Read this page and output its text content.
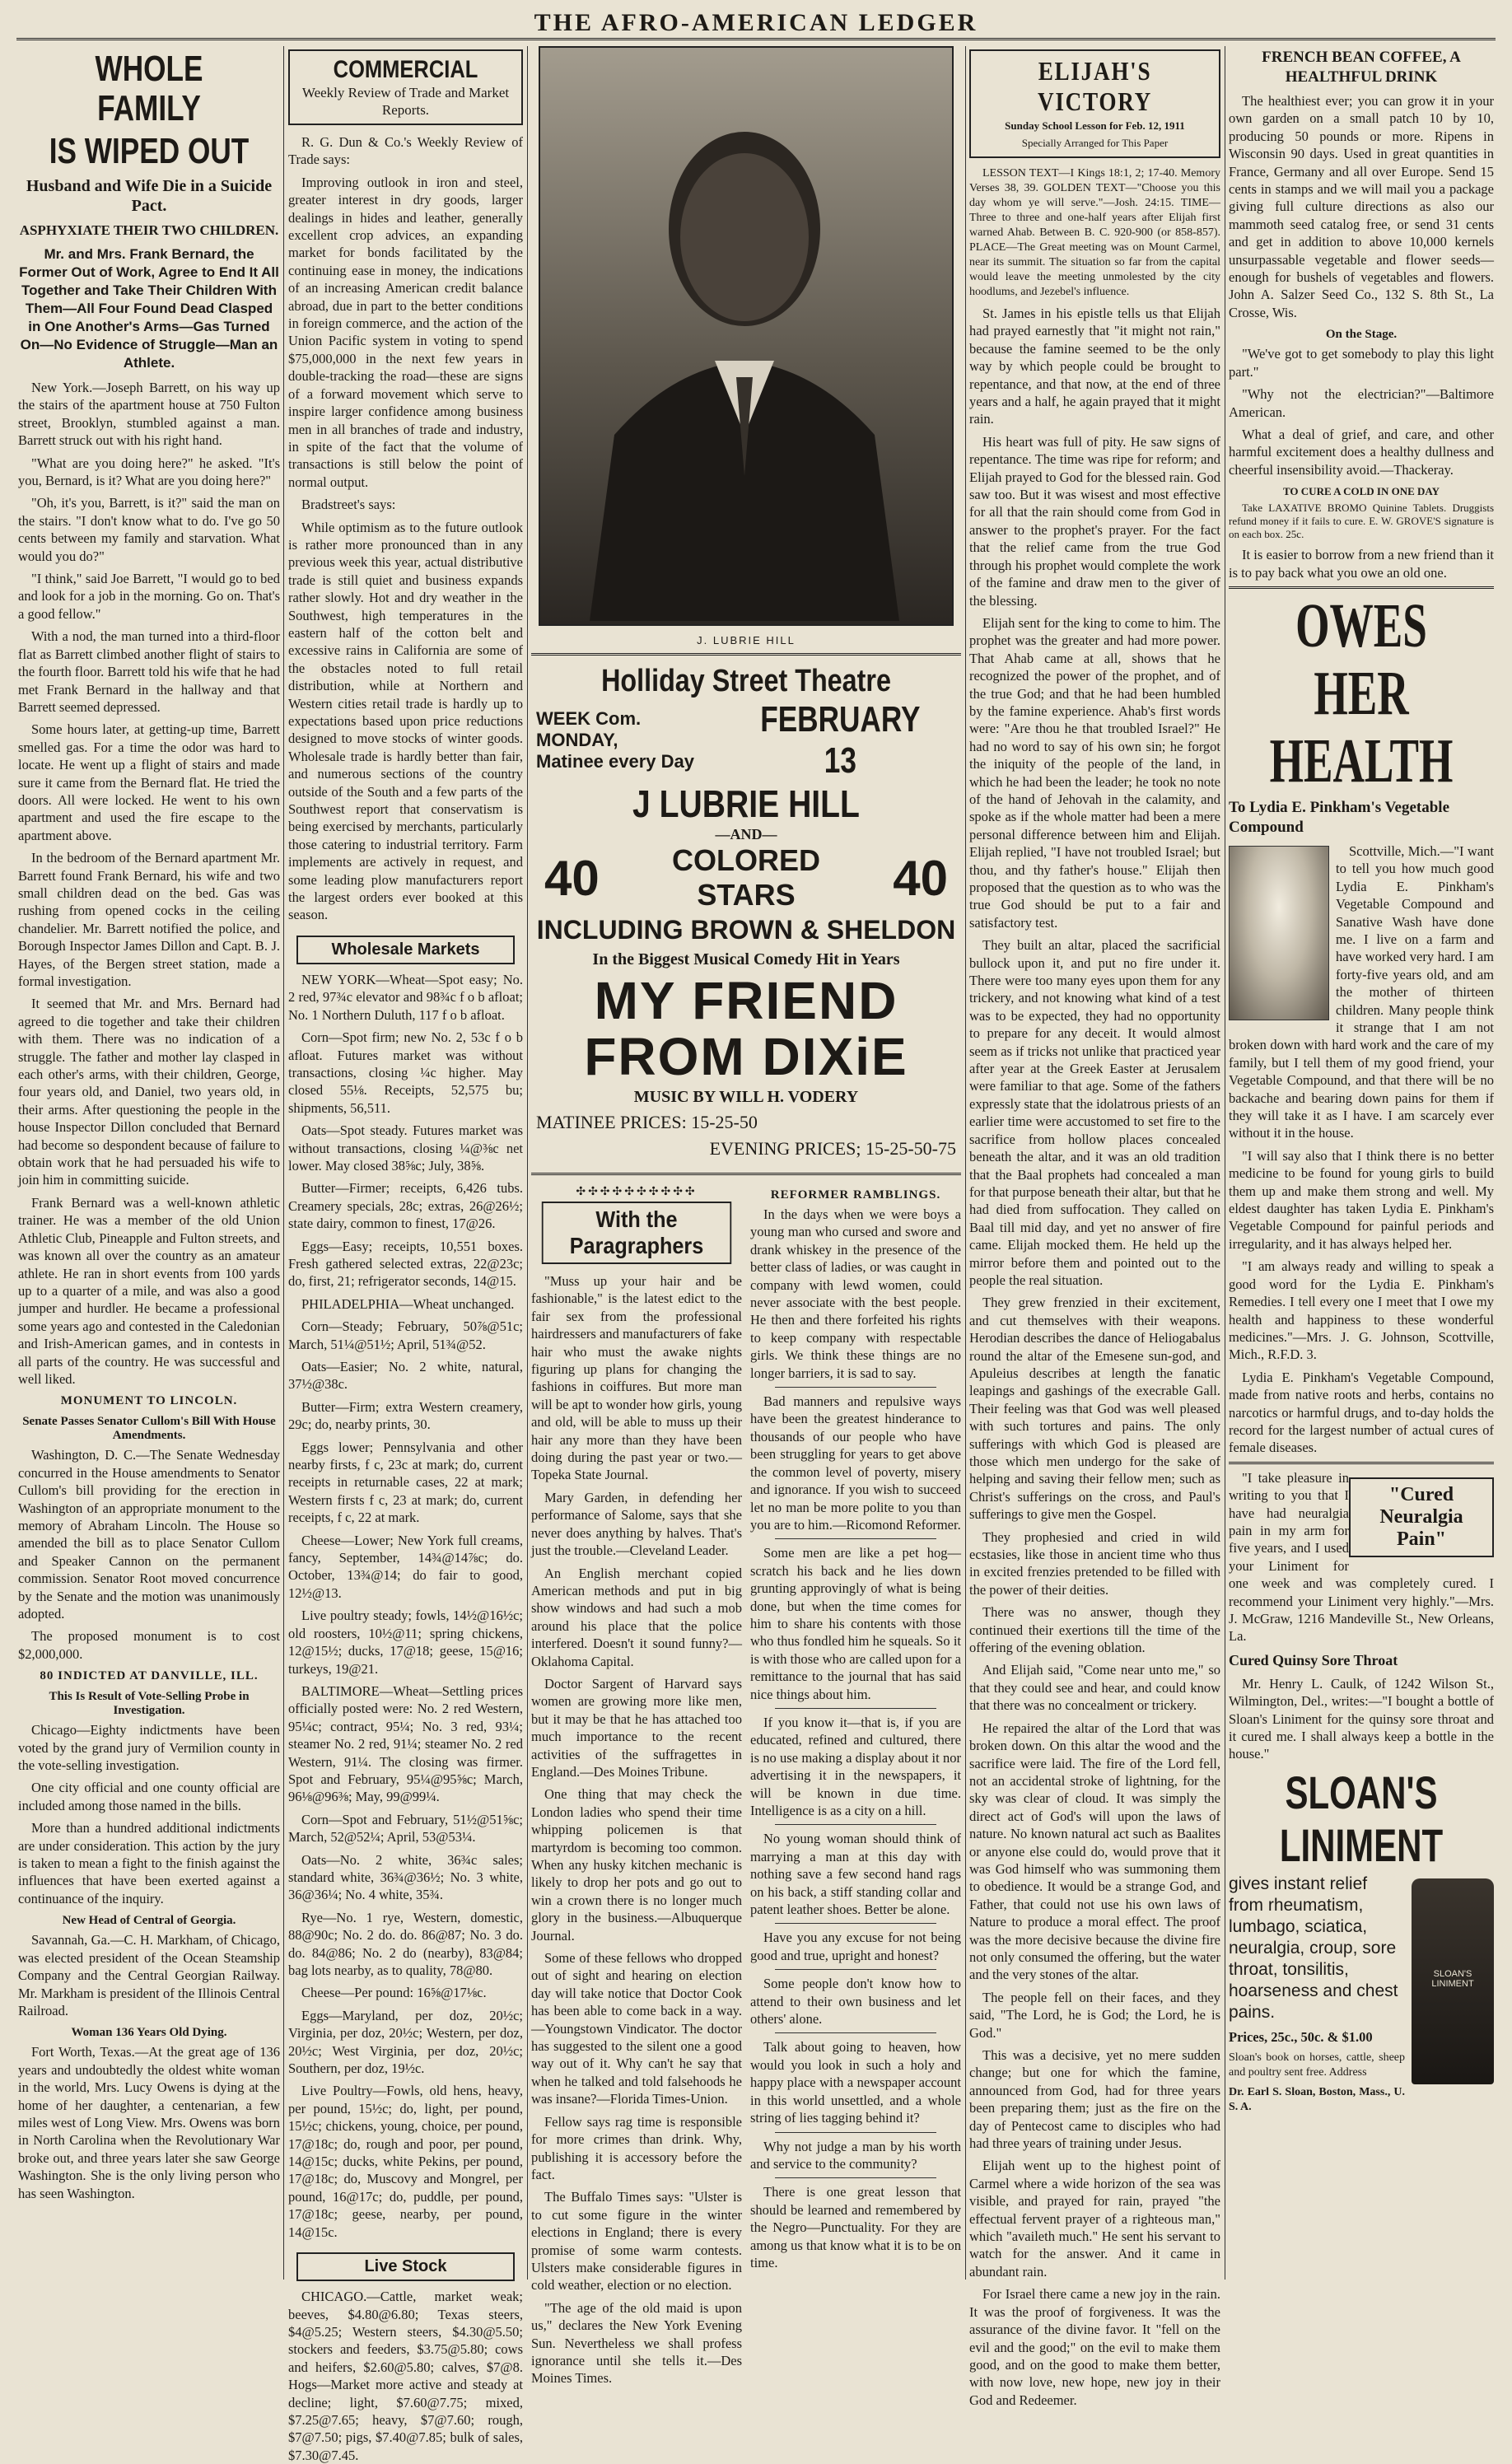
THE AFRO-AMERICAN LEDGER
WHOLE FAMILY
IS WIPED OUT
Husband and Wife Die in a Suicide Pact.
ASPHYXIATE THEIR TWO CHILDREN.
Mr. and Mrs. Frank Bernard, the Former Out of Work, Agree to End It All Together and Take Their Children With Them—All Four Found Dead Clasped in One Another's Arms—Gas Turned On—No Evidence of Struggle—Man an Athlete.

New York.—Joseph Barrett, on his way up the stairs of the apartment house at 750 Fulton street, Brooklyn, stumbled against a man. Barrett struck out with his right hand.

"What are you doing here?" he asked. "It's you, Bernard, is it? What are you doing here?"

"Oh, it's you, Barrett, is it?" said the man on the stairs. "I don't know what to do. I've go 50 cents between my family and starvation. What would you do?"

"I think," said Joe Barrett, "I would go to bed and look for a job in the morning. Go on. That's a good fellow."

With a nod, the man turned into a third-floor flat as Barrett climbed another flight of stairs to the fourth floor. Barrett told his wife that he had met Frank Bernard in the hallway and that Barrett seemed depressed.

Some hours later, at getting-up time, Barrett smelled gas. For a time the odor was hard to locate. He went up a flight of stairs and made sure it came from the Bernard flat. He tried the doors. All were locked. He went to his own apartment and used the fire escape to the apartment above.

In the bedroom of the Bernard apartment Mr. Barrett found Frank Bernard, his wife and two small children dead on the bed. Gas was rushing from opened cocks in the ceiling chandelier. Mr. Barrett notified the police, and Borough Inspector James Dillon and Capt. B. J. Hayes, of the Bergen street station, made a formal investigation.

It seemed that Mr. and Mrs. Bernard had agreed to die together and take their children with them. There was no indication of a struggle. The father and mother lay clasped in each other's arms, with their children, George, four years old, and Daniel, two years old, in their arms. After questioning the people in the house Inspector Dillon concluded that Bernard had become so despondent because of failure to obtain work that he had persuaded his wife to join him in committing suicide.

Frank Bernard was a well-known athletic trainer. He was a member of the old Union Athletic Club, Pineapple and Fulton streets, and was known all over the country as an amateur athlete. He ran in short events from 100 yards up to a quarter of a mile, and was also a good jumper and hurdler. He became a professional some years ago and contested in the Caledonian and Irish-American games, and in contests in all parts of the country. He was successful and well liked.

MONUMENT TO LINCOLN.
Senate Passes Senator Cullom's Bill With House Amendments.

Washington, D. C.—The Senate Wednesday concurred in the House amendments to Senator Cullom's bill providing for the erection in Washington of an appropriate monument to the memory of Abraham Lincoln. The House so amended the bill as to place Senator Cullom and Speaker Cannon on the permanent commission. Senator Root moved concurrence by the Senate and the motion was unanimously adopted.

The proposed monument is to cost $2,000,000.

80 INDICTED AT DANVILLE, ILL.
This Is Result of Vote-Selling Probe in Investigation.

Chicago—Eighty indictments have been voted by the grand jury of Vermilion county in the vote-selling investigation.

One city official and one county official are included among those named in the bills.

More than a hundred additional indictments are under consideration. This action by the jury is taken to mean a fight to the finish against the influences that have been exerted against a continuance of the inquiry.

New Head of Central of Georgia.

Savannah, Ga.—C. H. Markham, of Chicago, was elected president of the Ocean Steamship Company and the Central Georgian Railway. Mr. Markham is president of the Illinois Central Railroad.

Woman 136 Years Old Dying.

Fort Worth, Texas.—At the great age of 136 years and undoubtedly the oldest white woman in the world, Mrs. Lucy Owens is dying at the home of her daughter, a centenarian, a few miles west of Long View. Mrs. Owens was born in North Carolina when the Revolutionary War broke out, and three years later she saw George Washington. She is the only living person who has seen Washington.

COMMERCIAL
Weekly Review of Trade and Market Reports.

R. G. Dun & Co.'s Weekly Review of Trade says:

Improving outlook in iron and steel, greater interest in dry goods, larger dealings in hides and leather, generally excellent crop advices, an expanding market for bonds facilitated by the continuing ease in money, the indications of an increasing American credit balance abroad, due in part to the better conditions in foreign commerce, and the action of the Union Pacific system in voting to spend $75,000,000 in the next few years in double-tracking the road—these are signs of a forward movement which serve to inspire larger confidence among business men in all branches of trade and industry, in spite of the fact that the volume of transactions is still below the point of normal output.

Bradstreet's says:

While optimism as to the future outlook is rather more pronounced than in any previous week this year, actual distributive trade is still quiet and business expands rather slowly. Hot and dry weather in the Southwest, high temperatures in the eastern half of the cotton belt and excessive rains in California are some of the obstacles noted to full retail distribution, while at Northern and Western cities retail trade is hardly up to expectations based upon price reductions designed to move stocks of winter goods. Wholesale trade is hardly better than fair, and numerous sections of the country outside of the South and a few parts of the Southwest report that conservatism is being exercised by merchants, particularly those catering to industrial territory. Farm implements are actively in request, and some leading plow manufacturers report the largest orders ever booked at this season.

Wholesale Markets

NEW YORK—Wheat—Spot easy; No. 2 red, 97¾c elevator and 98¾c f o b afloat; No. 1 Northern Duluth, 117 f o b afloat.

Corn—Spot firm; new No. 2, 53c f o b afloat. Futures market was without transactions, closing ¼c higher. May closed 55⅛. Receipts, 52,575 bu; shipments, 56,511.

Oats—Spot steady. Futures market was without transactions, closing ¼@⅜c net lower. May closed 38⅝c; July, 38⅝.

Butter—Firmer; receipts, 6,426 tubs. Creamery specials, 28c; extras, 26@26½; state dairy, common to finest, 17@26.

Eggs—Easy; receipts, 10,551 boxes. Fresh gathered selected extras, 22@23c; do, first, 21; refrigerator seconds, 14@15.

PHILADELPHIA—Wheat unchanged.

Corn—Steady; February, 50⅞@51c; March, 51¼@51½; April, 51¾@52.

Oats—Easier; No. 2 white, natural, 37½@38c.

Butter—Firm; extra Western creamery, 29c; do, nearby prints, 30.

Eggs lower; Pennsylvania and other nearby firsts, f c, 23c at mark; do, current receipts in returnable cases, 22 at mark; Western firsts f c, 23 at mark; do, current receipts, f c, 22 at mark.

Cheese—Lower; New York full creams, fancy, September, 14¾@14⅞c; do. October, 13¾@14; do fair to good, 12½@13.

Live poultry steady; fowls, 14½@16½c; old roosters, 10½@11; spring chickens, 12@15½; ducks, 17@18; geese, 15@16; turkeys, 19@21.

BALTIMORE—Wheat—Settling prices officially posted were: No. 2 red Western, 95¼c; contract, 95¼; No. 3 red, 93¼; steamer No. 2 red, 91¼; steamer No. 2 red Western, 91¼. The closing was firmer. Spot and February, 95¼@95⅝c; March, 96⅛@96⅜; May, 99@99¼.

Corn—Spot and February, 51½@51⅝c; March, 52@52¼; April, 53@53¼.

Oats—No. 2 white, 36¾c sales; standard white, 36¾@36½; No. 3 white, 36@36¼; No. 4 white, 35¾.

Rye—No. 1 rye, Western, domestic, 88@90c; No. 2 do. do. 86@87; No. 3 do. do. 84@86; No. 2 do (nearby), 83@84; bag lots nearby, as to quality, 78@80.

Cheese—Per pound: 16⅝@17⅛c.

Eggs—Maryland, per doz, 20½c; Virginia, per doz, 20½c; Western, per doz, 20½c; West Virginia, per doz, 20½c; Southern, per doz, 19½c.

Live Poultry—Fowls, old hens, heavy, per pound, 15½c; do, light, per pound, 15½c; chickens, young, choice, per pound, 17@18c; do, rough and poor, per pound, 14@15c; ducks, white Pekins, per pound, 17@18c; do, Muscovy and Mongrel, per pound, 16@17c; do, puddle, per pound, 17@18c; geese, nearby, per pound, 14@15c.

Live Stock

CHICAGO.—Cattle, market weak; beeves, $4.80@6.80; Texas steers, $4@5.25; Western steers, $4.30@5.50; stockers and feeders, $3.75@5.80; cows and heifers, $2.60@5.80; calves, $7@8. Hogs—Market more active and steady at decline; light, $7.60@7.75; mixed, $7.25@7.65; heavy, $7@7.60; rough, $7@7.50; pigs, $7.40@7.85; bulk of sales, $7.30@7.45.

J. LUBRIE HILL
Holliday Street Theatre
WEEK Com. MONDAY,
Matinee every Day
FEBRUARY 13
J LUBRIE HILL
—AND—
40 COLORED
STARS	40
INCLUDING BROWN & SHELDON
In the Biggest Musical Comedy Hit in Years
MY FRIEND
FROM DIXiE
MUSIC BY WILL H. VODERY
MATINEE PRICES: 15-25-50
EVENING PRICES; 15-25-50-75
✣✣✣✣✣✣✣✣✣✣
With the Paragraphers

"Muss up your hair and be fashionable," is the latest edict to the fair sex from the professional hairdressers and manufacturers of fake hair who must the awake nights figuring up plans for changing the fashions in coiffures. But more man will be apt to wonder how girls, young and old, will be able to muss up their hair any more than they have been doing during the past year or two.—Topeka State Journal.

Mary Garden, in defending her performance of Salome, says that she never does anything by halves. That's just the trouble.—Cleveland Leader.

An English merchant copied American methods and put in big show windows and had such a mob around his place that the police interfered. Doesn't it sound funny?—Oklahoma Capital.

Doctor Sargent of Harvard says women are growing more like men, but it may be that he has attached too much importance to the recent activities of the suffragettes in England.—Des Moines Tribune.

One thing that may check the London ladies who spend their time whipping policemen is that martyrdom is becoming too common. When any husky kitchen mechanic is likely to drop her pots and go out to win a crown there is no longer much glory in the business.—Albuquerque Journal.

Some of these fellows who dropped out of sight and hearing on election day will take notice that Doctor Cook has been able to come back in a way.—Youngstown Vindicator. The doctor has suggested to the silent one a good way out of it. Why can't he say that when he talked and told falsehoods he was insane?—Florida Times-Union.

Fellow says rag time is responsible for more crimes than drink. Why, publishing it is accessory before the fact.

The Buffalo Times says: "Ulster is to cut some figure in the winter elections in England; there is every promise of some warm contests. Ulsters make considerable figures in cold weather, election or no election.

"The age of the old maid is upon us," declares the New York Evening Sun. Nevertheless we shall profess ignorance until she tells it.—Des Moines Times.

REFORMER RAMBLINGS.

In the days when we were boys a young man who cursed and swore and drank whiskey in the presence of the better class of ladies, or was caught in company with lewd women, could never associate with the best people. He then and there forfeited his rights to keep company with respectable girls. We think these things are no longer barriers, it is sad to say.

Bad manners and repulsive ways have been the greatest hinderance to thousands of our people who have been struggling for years to get above the common level of poverty, misery and ignorance. If you wish to succeed let no man be more polite to you than you are to him.—Ricomond Reformer.

Some men are like a pet hog—scratch his back and he lies down grunting approvingly of what is being done, but when the time comes for him to share his contents with those who thus fondled him he squeals. So it is with those who are called upon for a remittance to the journal that has said nice things about him.

If you know it—that is, if you are educated, refined and cultured, there is no use making a display about it nor advertising it in the newspapers, it will be known in due time. Intelligence is as a city on a hill.

No young woman should think of marrying a man at this day with nothing save a few second hand rags on his back, a stiff standing collar and patent leather shoes. Better be alone.

Have you any excuse for not being good and true, upright and honest?

Some people don't know how to attend to their own business and let others' alone.

Talk about going to heaven, how would you look in such a holy and happy place with a newspaper account in this world unsettled, and a whole string of lies tagging behind it?

Why not judge a man by his worth and service to the community?

There is one great lesson that should be learned and remembered by the Negro—Punctuality. For they are among us that know what it is to be on time.

ELIJAH'S
VICTORY
Sunday School Lesson for Feb. 12, 1911
Specially Arranged for This Paper

LESSON TEXT—I Kings 18:1, 2; 17-40. Memory Verses 38, 39. GOLDEN TEXT—"Choose you this day whom ye will serve."—Josh. 24:15. TIME—Three to three and one-half years after Elijah first warned Ahab. Between B. C. 920-900 (or 858-857). PLACE—The Great meeting was on Mount Carmel, near its summit. The situation so far from the capital would leave the meeting unmolested by the city hoodlums, and Jezebel's influence.

St. James in his epistle tells us that Elijah had prayed earnestly that "it might not rain," because the famine seemed to be the only way by which people could be brought to repentance, and that now, at the end of three years and a half, he again prayed that it might rain.

His heart was full of pity. He saw signs of repentance. The time was ripe for reform; and Elijah prayed to God for the blessed rain. God saw too. But it was wisest and most effective for all that the rain should come from God in answer to the prophet's prayer. For the fact that the relief came from the true God through his prophet would complete the work of the famine and draw men to the giver of the blessing.

Elijah sent for the king to come to him. The prophet was the greater and had more power. That Ahab came at all, shows that he recognized the power of the prophet, and of the true God; and that he had been humbled by the famine experience. Ahab's first words were: "Are thou he that troubled Israel?" He had no word to say of his own sin; he forgot the iniquity of the people of the land, in which he had been the leader; he took no note of the hand of Jehovah in the calamity, and spoke as if the whole matter had been a mere personal difference between him and Elijah. Elijah replied, "I have not troubled Israel; but thou, and thy father's house." Elijah then proposed that the question as to who was the true God should be put to a fair and satisfactory test.

They built an altar, placed the sacrificial bullock upon it, and put no fire under it. There were too many eyes upon them for any trickery, and not knowing what kind of a test was to be expected, they had no opportunity to prepare for any deceit. It would almost seem as if tricks not unlike that practiced year after year at the Greek Easter at Jerusalem were familiar to that age. Some of the fathers expressly state that the idolatrous priests of an earlier time were accustomed to set fire to the sacrifice from hollow places concealed beneath the altar, and it was an old tradition that the Baal prophets had concealed a man for that purpose beneath their altar, but that he had died from suffocation. They called on Baal till mid day, and yet no answer of fire came. Elijah mocked them. He held up the mirror before them and pointed out to the people the real situation.

They grew frenzied in their excitement, and cut themselves with their weapons. Herodian describes the dance of Heliogabalus round the altar of the Emesene sun-god, and Apuleius describes at length the fanatic leapings and gashings of the execrable Gall. Their feeling was that God was well pleased with such tortures and pains. The only sufferings with which God is pleased are those which men undergo for the sake of helping and saving their fellow men; such as Christ's sufferings on the cross, and Paul's sufferings to give men the Gospel.

They prophesied and cried in wild ecstasies, like those in ancient time who thus in excited frenzies pretended to be filled with the power of their deities.

There was no answer, though they continued their exertions till the time of the offering of the evening oblation.

And Elijah said, "Come near unto me," so that they could see and hear, and could know that there was no concealment or trickery.

He repaired the altar of the Lord that was broken down. On this altar the wood and the sacrifice were laid. The fire of the Lord fell, not an accidental stroke of lightning, for the sky was clear of cloud. It was simply the direct act of God's will upon the laws of nature. No known natural act such as Baalites or anyone else could do, would prove that it was God himself who was summoning them to obedience. It would be a strange God, and Father, that could not use his own laws of Nature to produce a moral effect. The proof was the more decisive because the divine fire not only consumed the offering, but the water and the very stones of the altar.

The people fell on their faces, and they said, "The Lord, he is God; the Lord, he is God."

This was a decisive, yet no mere sudden change; but one for which the famine, announced from God, had for three years been preparing them; just as the fire on the day of Pentecost came to disciples who had had three years of training under Jesus.

Elijah went up to the highest point of Carmel where a wide horizon of the sea was visible, and prayed for rain, prayed "the effectual fervent prayer of a righteous man," which "availeth much." He sent his servant to watch for the answer. And it came in abundant rain.

For Israel there came a new joy in the rain. It was the proof of forgiveness. It was the assurance of the divine favor. It "fell on the evil and the good;" on the evil to make them good, and on the good to make them better, with now love, new hope, new joy in their God and Redeemer.

FRENCH BEAN COFFEE, A HEALTHFUL DRINK

The healthiest ever; you can grow it in your own garden on a small patch 10 by 10, producing 50 pounds or more. Ripens in Wisconsin 90 days. Used in great quantities in France, Germany and all over Europe. Send 15 cents in stamps and we will mail you a package giving full culture directions as also our mammoth seed catalog free, or send 31 cents and get in addition to above 10,000 kernels unsurpassable vegetable and flower seeds—enough for bushels of vegetables and flowers. John A. Salzer Seed Co., 132 S. 8th St., La Crosse, Wis.

On the Stage.

"We've got to get somebody to play this light part."

"Why not the electrician?"—Baltimore American.

What a deal of grief, and care, and other harmful excitement does a healthy dullness and cheerful insensibility avoid.—Thackeray.

TO CURE A COLD IN ONE DAY

Take LAXATIVE BROMO Quinine Tablets. Druggists refund money if it fails to cure. E. W. GROVE'S signature is on each box. 25c.

It is easier to borrow from a new friend than it is to pay back what you owe an old one.

OWES
HER
HEALTH
To Lydia E. Pinkham's Vegetable Compound

Scottville, Mich.—"I want to tell you how much good Lydia E. Pinkham's Vegetable Compound and Sanative Wash have done me. I live on a farm and have worked very hard. I am forty-five years old, and am the mother of thirteen children. Many people think it strange that I am not broken down with hard work and the care of my family, but I tell them of my good friend, your Vegetable Compound, and that there will be no backache and bearing down pains for them if they will take it as I have. I am scarcely ever without it in the house.

"I will say also that I think there is no better medicine to be found for young girls to build them up and make them strong and well. My eldest daughter has taken Lydia E. Pinkham's Vegetable Compound for painful periods and irregularity, and it has always helped her.

"I am always ready and willing to speak a good word for the Lydia E. Pinkham's Remedies. I tell every one I meet that I owe my health and happiness to these wonderful medicines."—Mrs. J. G. Johnson, Scottville, Mich., R.F.D. 3.

Lydia E. Pinkham's Vegetable Compound, made from native roots and herbs, contains no narcotics or harmful drugs, and to-day holds the record for the largest number of actual cures of female diseases.

"Cured Neuralgia Pain"

"I take pleasure in writing to you that I have had neuralgia pain in my arm for five years, and I used your Liniment for one week and was completely cured. I recommend your Liniment very highly."—Mrs. J. McGraw, 1216 Mandeville St., New Orleans, La.

Cured Quinsy Sore Throat

Mr. Henry L. Caulk, of 1242 Wilson St., Wilmington, Del., writes:—"I bought a bottle of Sloan's Liniment for the quinsy sore throat and it cured me. I shall always keep a bottle in the house."

SLOAN'S
LINIMENT
SLOAN'S LINIMENT

gives instant relief from rheumatism, lumbago, sciatica, neuralgia, croup, sore throat, tonsilitis, hoarseness and chest pains.

Prices, 25c., 50c. & $1.00

Sloan's book on horses, cattle, sheep and poultry sent free. Address

Dr. Earl S. Sloan, Boston, Mass., U. S. A.
